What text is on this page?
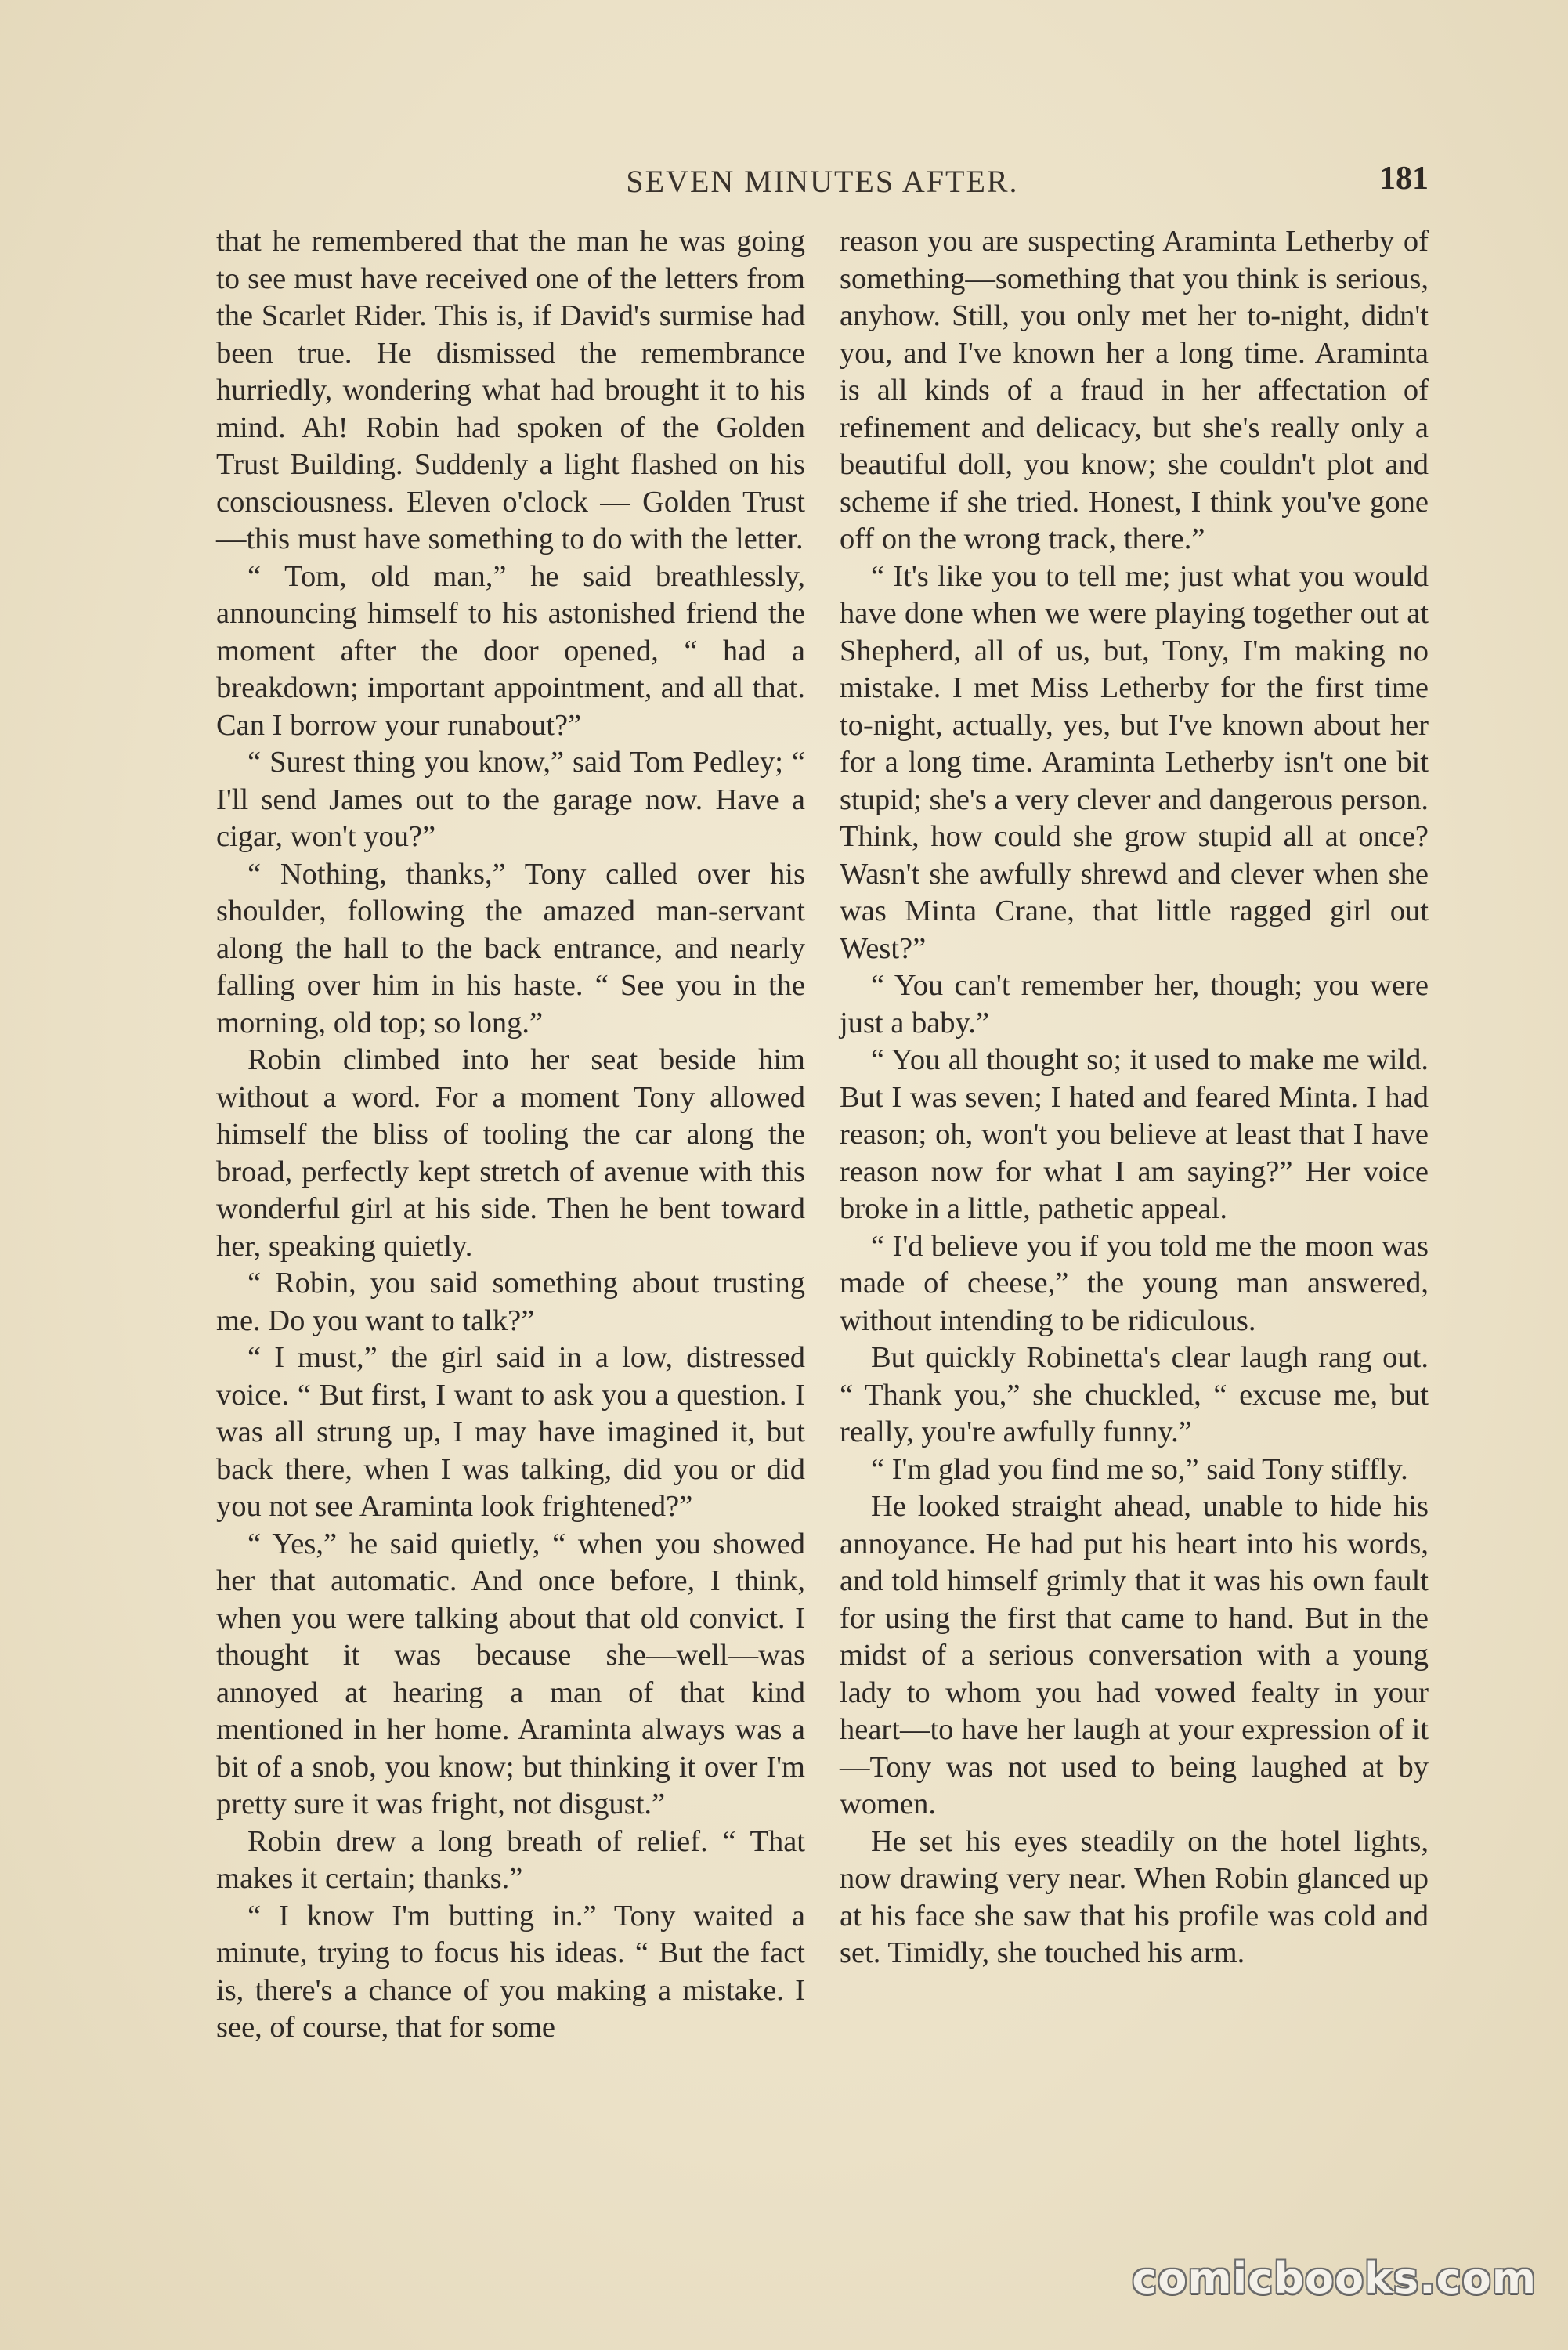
SEVEN MINUTES AFTER.	181

that he remembered that the man he was going to see must have received one of the letters from the Scarlet Rider. This is, if David's surmise had been true. He dismissed the remembrance hurriedly, wondering what had brought it to his mind. Ah! Robin had spoken of the Golden Trust Building. Suddenly a light flashed on his consciousness. Eleven o'clock — Golden Trust—this must have something to do with the letter.

“ Tom, old man,” he said breathlessly, announcing himself to his astonished friend the moment after the door opened, “ had a breakdown; important appointment, and all that. Can I borrow your runabout?”

“ Surest thing you know,” said Tom Pedley; “ I'll send James out to the garage now. Have a cigar, won't you?”

“ Nothing, thanks,” Tony called over his shoulder, following the amazed man-servant along the hall to the back entrance, and nearly falling over him in his haste. “ See you in the morning, old top; so long.”

Robin climbed into her seat beside him without a word. For a moment Tony allowed himself the bliss of tooling the car along the broad, perfectly kept stretch of avenue with this wonderful girl at his side. Then he bent toward her, speaking quietly.

“ Robin, you said something about trusting me. Do you want to talk?”

“ I must,” the girl said in a low, distressed voice. “ But first, I want to ask you a question. I was all strung up, I may have imagined it, but back there, when I was talking, did you or did you not see Araminta look frightened?”

“ Yes,” he said quietly, “ when you showed her that automatic. And once before, I think, when you were talking about that old convict. I thought it was because she—well—was annoyed at hearing a man of that kind mentioned in her home. Araminta always was a bit of a snob, you know; but thinking it over I'm pretty sure it was fright, not disgust.”

Robin drew a long breath of relief. “ That makes it certain; thanks.”

“ I know I'm butting in.” Tony waited a minute, trying to focus his ideas. “ But the fact is, there's a chance of you making a mistake. I see, of course, that for some

reason you are suspecting Araminta Letherby of something—something that you think is serious, anyhow. Still, you only met her to-night, didn't you, and I've known her a long time. Araminta is all kinds of a fraud in her affectation of refinement and delicacy, but she's really only a beautiful doll, you know; she couldn't plot and scheme if she tried. Honest, I think you've gone off on the wrong track, there.”

“ It's like you to tell me; just what you would have done when we were playing together out at Shepherd, all of us, but, Tony, I'm making no mistake. I met Miss Letherby for the first time to-night, actually, yes, but I've known about her for a long time. Araminta Letherby isn't one bit stupid; she's a very clever and dangerous person. Think, how could she grow stupid all at once? Wasn't she awfully shrewd and clever when she was Minta Crane, that little ragged girl out West?”

“ You can't remember her, though; you were just a baby.”

“ You all thought so; it used to make me wild. But I was seven; I hated and feared Minta. I had reason; oh, won't you believe at least that I have reason now for what I am saying?” Her voice broke in a little, pathetic appeal.

“ I'd believe you if you told me the moon was made of cheese,” the young man answered, without intending to be ridiculous.

But quickly Robinetta's clear laugh rang out. “ Thank you,” she chuckled, “ excuse me, but really, you're awfully funny.”

“ I'm glad you find me so,” said Tony stiffly.

He looked straight ahead, unable to hide his annoyance. He had put his heart into his words, and told himself grimly that it was his own fault for using the first that came to hand. But in the midst of a serious conversation with a young lady to whom you had vowed fealty in your heart—to have her laugh at your expression of it—Tony was not used to being laughed at by women.

He set his eyes steadily on the hotel lights, now drawing very near. When Robin glanced up at his face she saw that his profile was cold and set. Timidly, she touched his arm.

comicbooks.com
